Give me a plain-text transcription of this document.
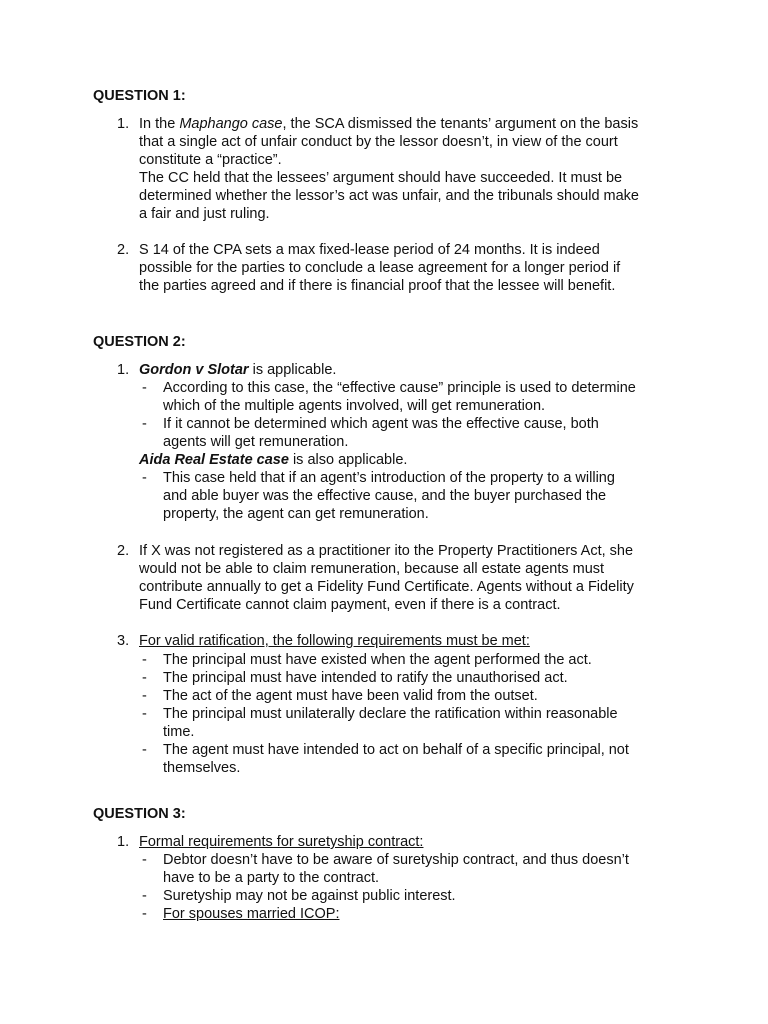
QUESTION 1:

1. In the Maphango case, the SCA dismissed the tenants’ argument on the basis

that a single act of unfair conduct by the lessor doesn’t, in view of the court

constitute a “practice”.

The CC held that the lessees’ argument should have succeeded. It must be

determined whether the lessor’s act was unfair, and the tribunals should make

a fair and just ruling.

2. S 14 of the CPA sets a max fixed-lease period of 24 months. It is indeed

possible for the parties to conclude a lease agreement for a longer period if

the parties agreed and if there is financial proof that the lessee will benefit.

QUESTION 2:

1. Gordon v Slotar is applicable.

- According to this case, the “effective cause” principle is used to determine

which of the multiple agents involved, will get remuneration.

- If it cannot be determined which agent was the effective cause, both

agents will get remuneration.

Aida Real Estate case is also applicable.

- This case held that if an agent’s introduction of the property to a willing

and able buyer was the effective cause, and the buyer purchased the

property, the agent can get remuneration.

2. If X was not registered as a practitioner ito the Property Practitioners Act, she

would not be able to claim remuneration, because all estate agents must

contribute annually to get a Fidelity Fund Certificate. Agents without a Fidelity

Fund Certificate cannot claim payment, even if there is a contract.

3. For valid ratification, the following requirements must be met:

- The principal must have existed when the agent performed the act.

- The principal must have intended to ratify the unauthorised act.

- The act of the agent must have been valid from the outset.

- The principal must unilaterally declare the ratification within reasonable

time.

- The agent must have intended to act on behalf of a specific principal, not

themselves.

QUESTION 3:

1. Formal requirements for suretyship contract:

- Debtor doesn’t have to be aware of suretyship contract, and thus doesn’t

have to be a party to the contract.

- Suretyship may not be against public interest.

- For spouses married ICOP:
